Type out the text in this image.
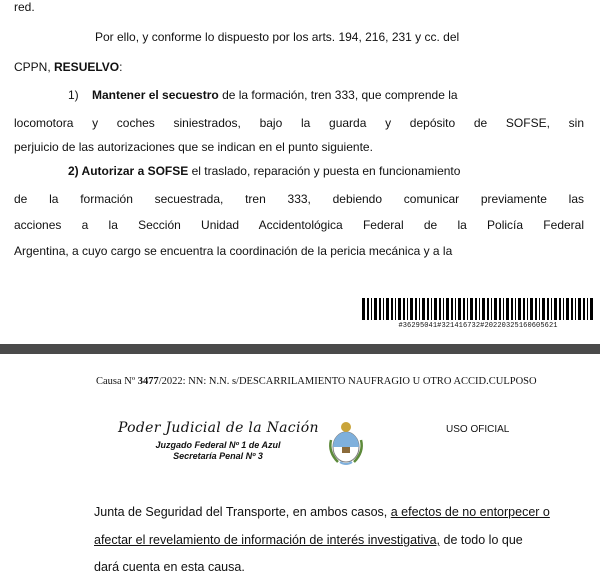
red.
Por ello, y conforme lo dispuesto por los arts. 194, 216, 231 y cc. del
CPPN, RESUELVO:
1) Mantener el secuestro de la formación, tren 333, que comprende la
locomotora y coches siniestrados, bajo la guarda y depósito de SOFSE, sin
perjuicio de las autorizaciones que se indican en el punto siguiente.
2) Autorizar a SOFSE el traslado, reparación y puesta en funcionamiento
de la formación secuestrada, tren 333, debiendo comunicar previamente las
acciones a la Sección Unidad Accidentológica Federal de la Policía Federal
Argentina, a cuyo cargo se encuentra la coordinación de la pericia mecánica y a la
#36295041#321416732#20220325160605621
Causa Nº 3477/2022: NN: N.N. s/DESCARRILAMIENTO NAUFRAGIO U OTRO ACCID.CULPOSO
Poder Judicial de la Nación
Juzgado Federal Nº 1 de Azul
Secretaría Penal Nº 3
USO OFICIAL
Junta de Seguridad del Transporte, en ambos casos, a efectos de no entorpecer o
afectar el revelamiento de información de interés investigativa, de todo lo que
dará cuenta en esta causa.
